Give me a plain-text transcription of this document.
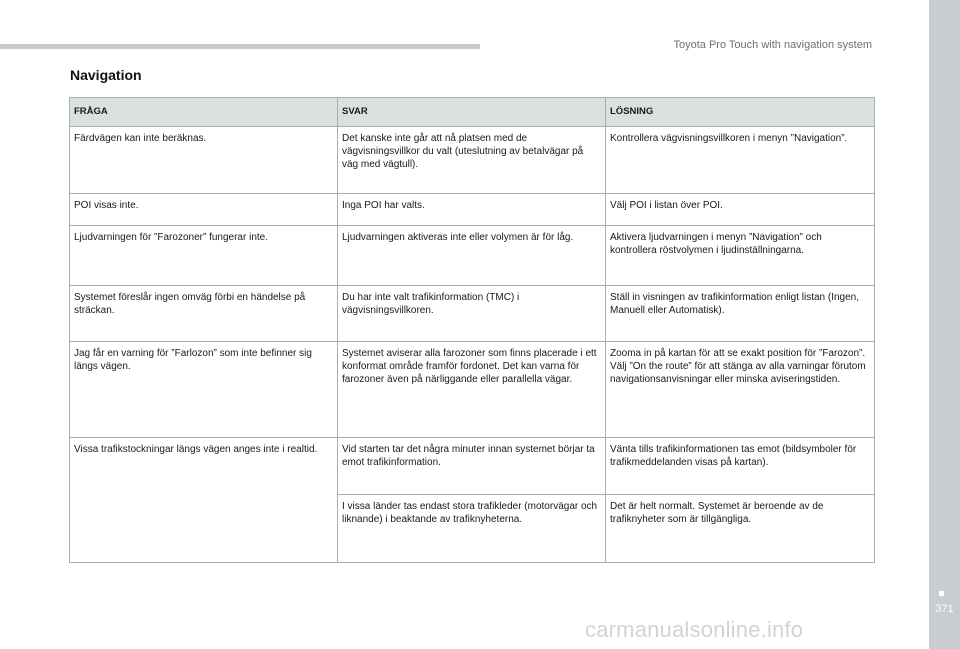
Toyota Pro Touch with navigation system
371
Navigation
FRÅGA	SVAR	LÖSNING
Färdvägen kan inte beräknas.	Det kanske inte går att nå platsen med de vägvisningsvillkor du valt (uteslutning av betalvägar på väg med vägtull).	Kontrollera vägvisningsvillkoren i menyn ”Navigation”.
POI visas inte.	Inga POI har valts.	Välj POI i listan över POI.
Ljudvarningen för ”Farozoner” fungerar inte.	Ljudvarningen aktiveras inte eller volymen är för låg.	Aktivera ljudvarningen i menyn ”Navigation” och kontrollera röstvolymen i ljudinställningarna.
Systemet föreslår ingen omväg förbi en händelse på sträckan.	Du har inte valt trafikinformation (TMC) i vägvisningsvillkoren.	Ställ in visningen av trafikinformation enligt listan (Ingen, Manuell eller Automatisk).
Jag får en varning för ”Farlozon” som inte befinner sig längs vägen.	Systemet aviserar alla farozoner som finns placerade i ett konformat område framför fordonet. Det kan varna för farozoner även på närliggande eller parallella vägar.	Zooma in på kartan för att se exakt position för ”Farozon”. Välj ”On the route” för att stänga av alla varningar förutom navigationsanvisningar eller minska aviseringstiden.
Vissa trafikstockningar längs vägen anges inte i realtid.	Vid starten tar det några minuter innan systemet börjar ta emot trafikinformation.	Vänta tills trafikinformationen tas emot (bildsymboler för trafikmeddelanden visas på kartan).
	I vissa länder tas endast stora trafikleder (motorvägar och liknande) i beaktande av trafiknyheterna.	Det är helt normalt. Systemet är beroende av de trafiknyheter som är tillgängliga.
carmanualsonline.info
